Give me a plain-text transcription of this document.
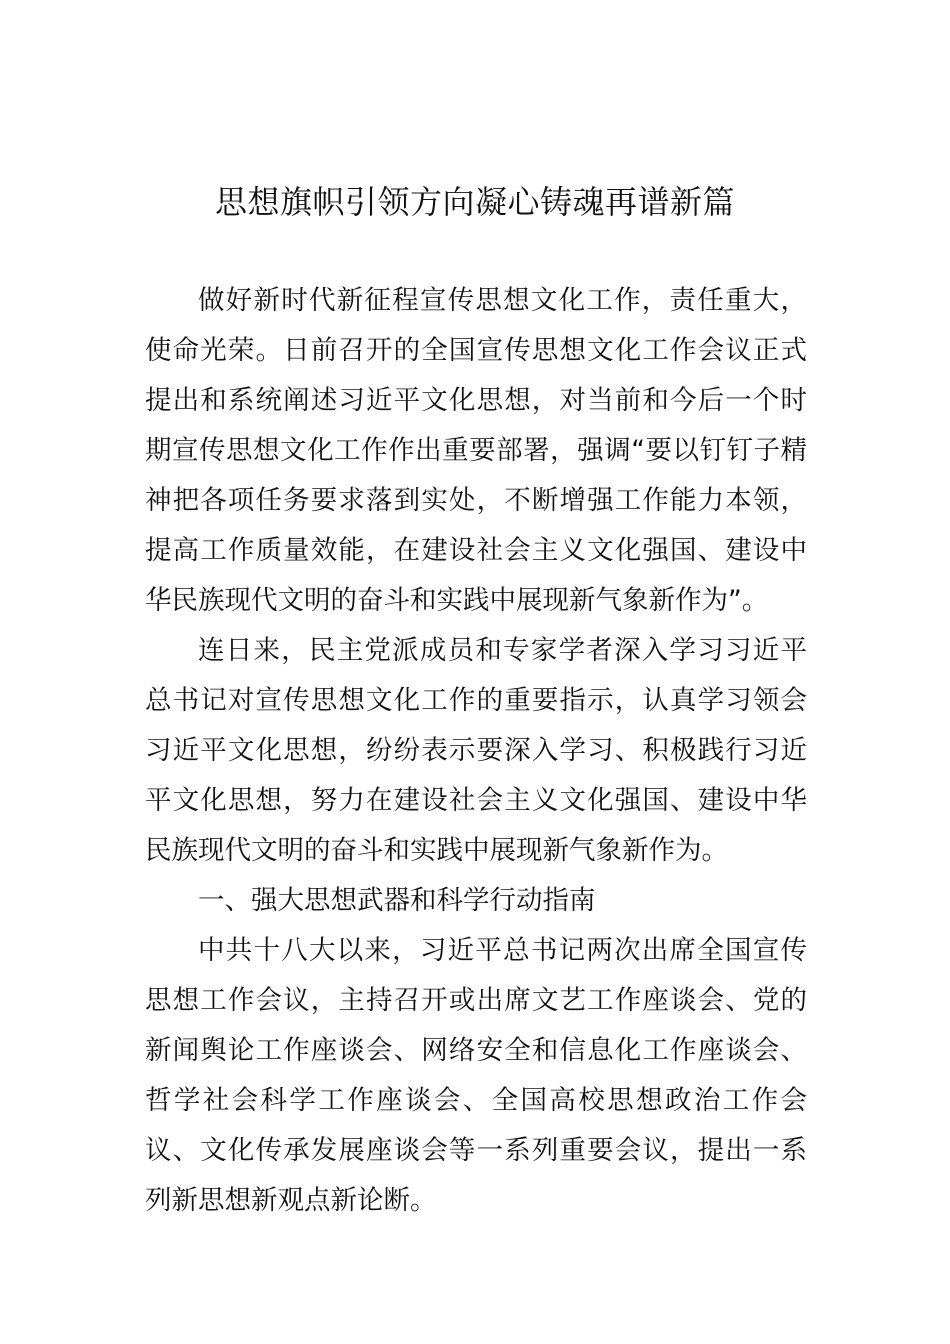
思想旗帜引领方向凝心铸魂再谱新篇

做好新时代新征程宣传思想文化工作，责任重大，使命光荣。日前召开的全国宣传思想文化工作会议正式提出和系统阐述习近平文化思想，对当前和今后一个时期宣传思想文化工作作出重要部署，强调“要以钉钉子精神把各项任务要求落到实处，不断增强工作能力本领，提高工作质量效能，在建设社会主义文化强国、建设中华民族现代文明的奋斗和实践中展现新气象新作为”。

连日来，民主党派成员和专家学者深入学习习近平总书记对宣传思想文化工作的重要指示，认真学习领会习近平文化思想，纷纷表示要深入学习、积极践行习近平文化思想，努力在建设社会主义文化强国、建设中华民族现代文明的奋斗和实践中展现新气象新作为。

一、强大思想武器和科学行动指南

中共十八大以来，习近平总书记两次出席全国宣传思想工作会议，主持召开或出席文艺工作座谈会、党的新闻舆论工作座谈会、网络安全和信息化工作座谈会、哲学社会科学工作座谈会、全国高校思想政治工作会议、文化传承发展座谈会等一系列重要会议，提出一系列新思想新观点新论断。
